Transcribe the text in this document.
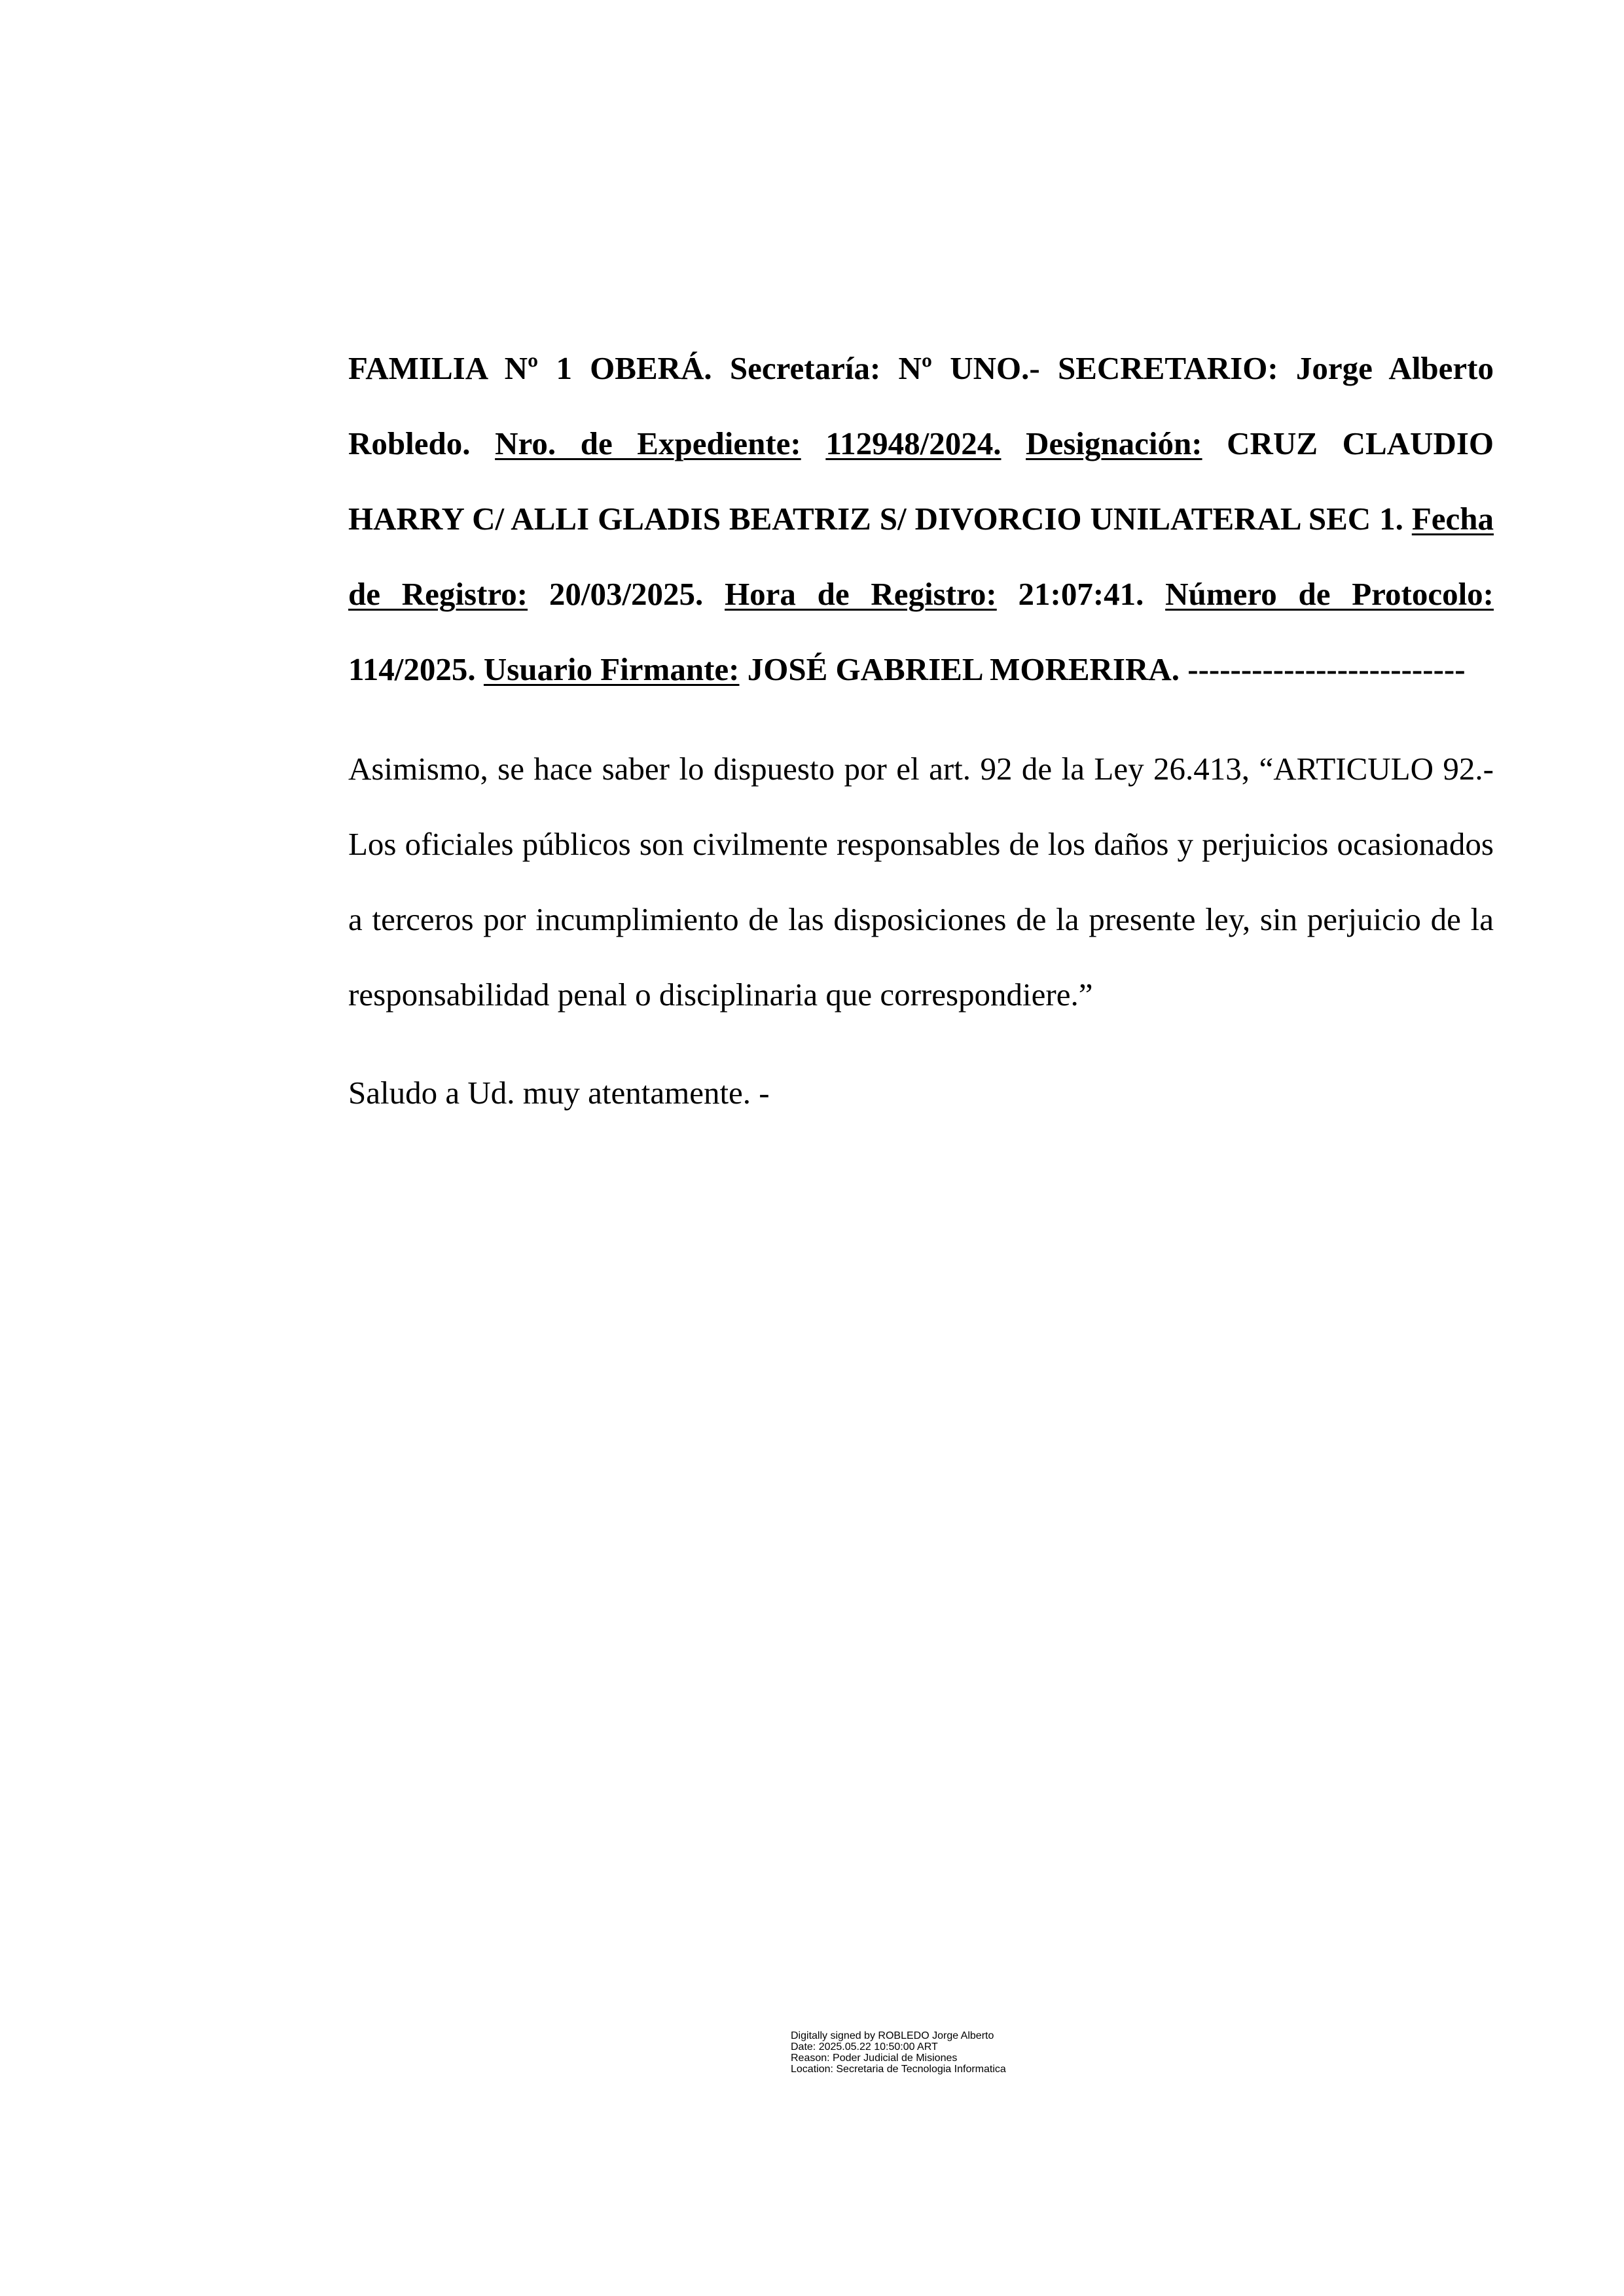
FAMILIA Nº 1 OBERÁ. Secretaría: Nº UNO.- SECRETARIO: Jorge Alberto Robledo. Nro. de Expediente: 112948/2024. Designación: CRUZ CLAUDIO HARRY C/ ALLI GLADIS BEATRIZ S/ DIVORCIO UNILATERAL SEC 1. Fecha de Registro: 20/03/2025. Hora de Registro: 21:07:41. Número de Protocolo: 114/2025. Usuario Firmante: JOSÉ GABRIEL MORERIRA. --------------------------

Asimismo, se hace saber lo dispuesto por el art. 92 de la Ley 26.413, “ARTICULO 92.- Los oficiales públicos son civilmente responsables de los daños y perjuicios ocasionados a terceros por incumplimiento de las disposiciones de la presente ley, sin perjuicio de la responsabilidad penal o disciplinaria que correspondiere.”

Saludo a Ud. muy atentamente. -

Digitally signed by ROBLEDO Jorge Alberto
Date: 2025.05.22 10:50:00 ART
Reason: Poder Judicial de Misiones
Location: Secretaria de Tecnologia Informatica
